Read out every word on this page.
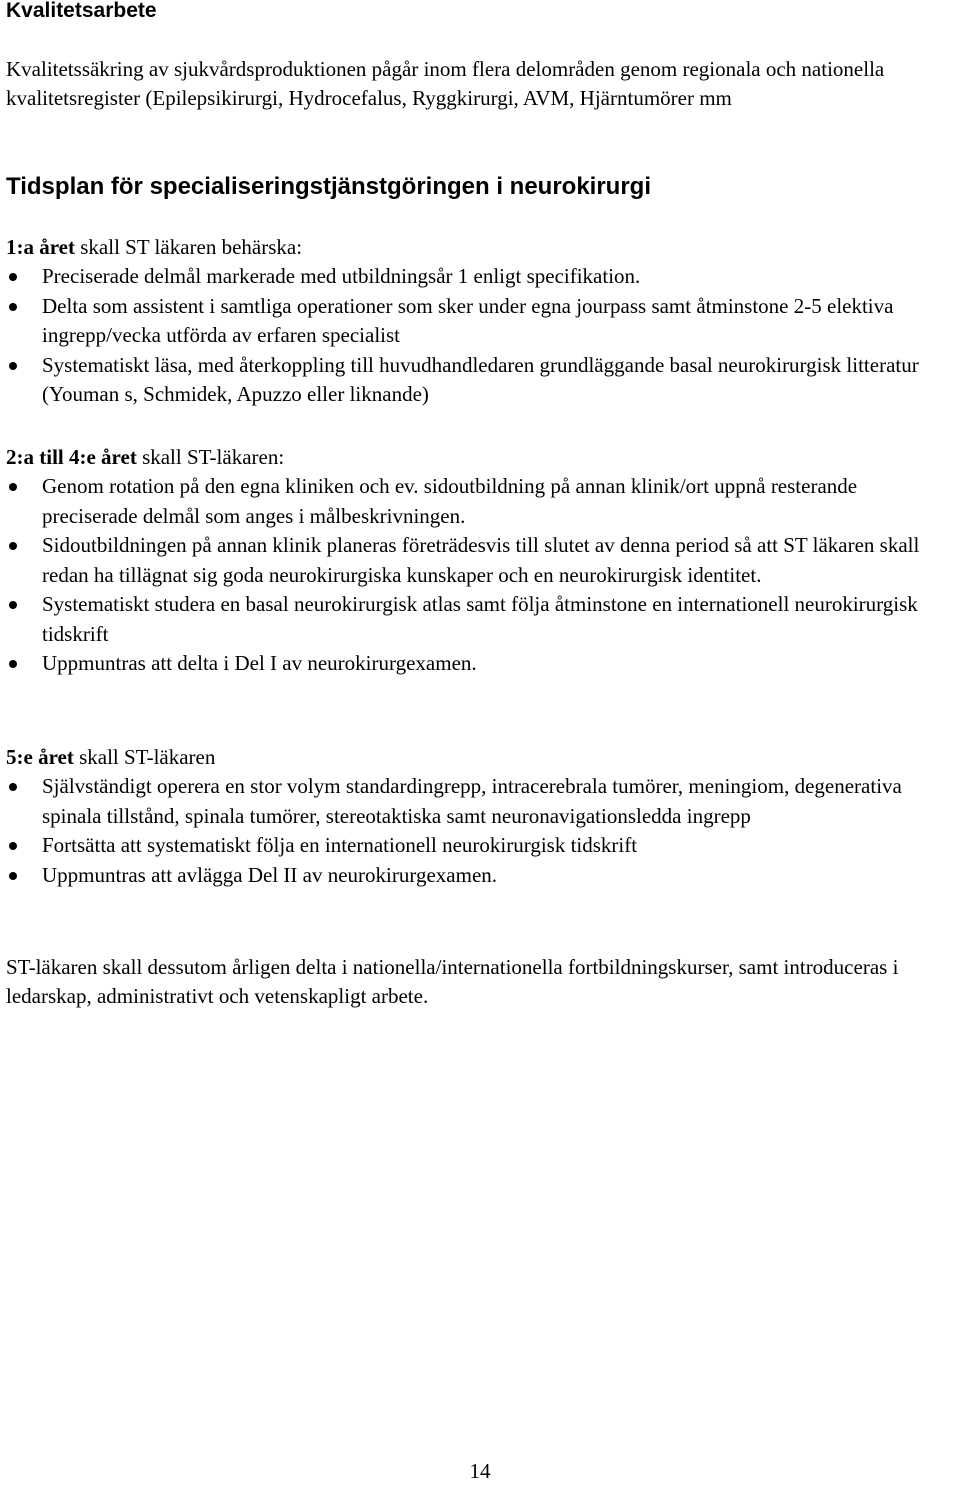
Kvalitetsarbete

Kvalitetssäkring av sjukvårdsproduktionen pågår inom flera delområden genom regionala och nationella kvalitetsregister (Epilepsikirurgi, Hydrocefalus, Ryggkirurgi, AVM, Hjärntumörer mm

Tidsplan för specialiseringstjänstgöringen i neurokirurgi

1:a året skall ST läkaren behärska:

Preciserade delmål markerade med utbildningsår 1 enligt specifikation.
Delta som assistent i samtliga operationer som sker under egna jourpass samt åtminstone 2-5 elektiva ingrepp/vecka utförda av erfaren specialist
Systematiskt läsa, med återkoppling till huvudhandledaren grundläggande basal neurokirurgisk litteratur (Youman s, Schmidek, Apuzzo eller liknande)

2:a till 4:e året skall ST-läkaren:

Genom rotation på den egna kliniken och ev. sidoutbildning på annan klinik/ort uppnå resterande preciserade delmål som anges i målbeskrivningen.
Sidoutbildningen på annan klinik planeras företrädesvis till slutet av denna period så att ST läkaren skall redan ha tillägnat sig goda neurokirurgiska kunskaper och en neurokirurgisk identitet.
Systematiskt studera en basal neurokirurgisk atlas samt följa åtminstone en internationell neurokirurgisk tidskrift
Uppmuntras att delta i Del I av neurokirurgexamen.

5:e året skall ST-läkaren

Självständigt operera en stor volym standardingrepp, intracerebrala tumörer, meningiom, degenerativa spinala tillstånd, spinala tumörer, stereotaktiska samt neuronavigationsledda ingrepp
Fortsätta att systematiskt följa en internationell neurokirurgisk tidskrift
Uppmuntras att avlägga Del II av neurokirurgexamen.

ST-läkaren skall dessutom årligen delta i nationella/internationella fortbildningskurser, samt introduceras i ledarskap, administrativt och vetenskapligt arbete.

14
